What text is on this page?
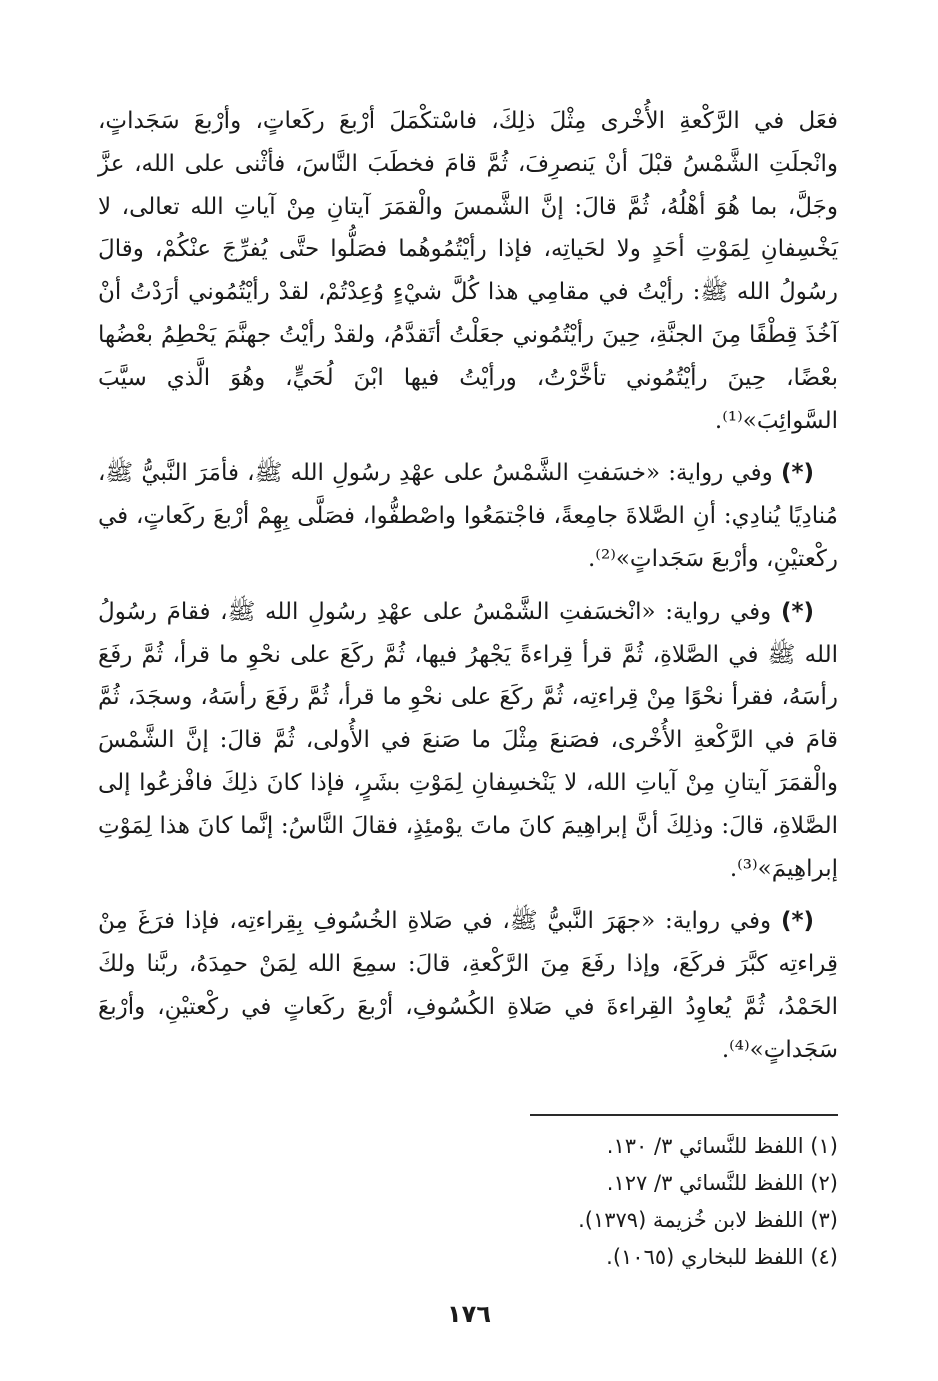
فعَل في الرَّكْعةِ الأُخْرى مِثْلَ ذلِكَ، فاسْتكْمَلَ أرْبعَ ركَعاتٍ، وأرْبعَ سَجَداتٍ، وانْجلَتِ الشَّمْسُ قبْلَ أنْ يَنصرِفَ، ثُمَّ قامَ فخطَبَ النَّاسَ، فأثْنى على الله، عزَّ وجَلَّ، بما هُوَ أهْلُهُ، ثُمَّ قالَ: إنَّ الشَّمسَ والْقمَرَ آيتانِ مِنْ آياتِ الله تعالى، لا يَخْسِفانِ لِمَوْتِ أحَدٍ ولا لحَياتِه، فإذا رأيْتُمُوهُما فصَلُّوا حتَّى يُفرِّجَ عنْكُمْ، وقالَ رسُولُ الله ﷺ: رأيْتُ في مقامِي هذا كُلَّ شيْءٍ وُعِدْتُمْ، لقدْ رأيْتُمُوني أرَدْتُ أنْ آخُذَ قِطْفًا مِنَ الجنَّةِ، حِينَ رأيْتُمُوني جعَلْتُ أتَقدَّمُ، ولقدْ رأيْتُ جهنَّمَ يَحْطِمُ بعْضُها بعْضًا، حِينَ رأيْتُمُوني تأخَّرْتُ، ورأيْتُ فيها ابْنَ لُحَيٍّ، وهُوَ الَّذي سيَّبَ السَّوائِبَ»⁽¹⁾.

(*) وفي رواية: «خسَفتِ الشَّمْسُ على عهْدِ رسُولِ الله ﷺ، فأمَرَ النَّبيُّ ﷺ، مُنادِيًا يُنادِي: أنِ الصَّلاةَ جامِعةً، فاجْتمَعُوا واصْطفُّوا، فصَلَّى بِهِمْ أرْبعَ ركَعاتٍ، في ركْعتيْنِ، وأرْبعَ سَجَداتٍ»⁽²⁾.

(*) وفي رواية: «انْخسَفتِ الشَّمْسُ على عهْدِ رسُولِ الله ﷺ، فقامَ رسُولُ الله ﷺ في الصَّلاةِ، ثُمَّ قرأ قِراءةً يَجْهرُ فيها، ثُمَّ ركَعَ على نحْوِ ما قرأ، ثُمَّ رفَعَ رأسَهُ، فقرأ نحْوًا مِنْ قِراءتِه، ثُمَّ ركَعَ على نحْوِ ما قرأ، ثُمَّ رفَعَ رأسَهُ، وسجَدَ، ثُمَّ قامَ في الرَّكْعةِ الأُخْرى، فصَنعَ مِثْلَ ما صَنعَ في الأُولى، ثُمَّ قالَ: إنَّ الشَّمْسَ والْقمَرَ آيتانِ مِنْ آياتِ الله، لا يَنْخسِفانِ لِمَوْتِ بشَرٍ، فإذا كانَ ذلِكَ فافْزعُوا إلى الصَّلاةِ، قالَ: وذلِكَ أنَّ إبراهِيمَ كانَ ماتَ يوْمئِذٍ، فقالَ النَّاسُ: إنَّما كانَ هذا لِمَوْتِ إبراهِيمَ»⁽³⁾.

(*) وفي رواية: «جهَرَ النَّبيُّ ﷺ، في صَلاةِ الخُسُوفِ بِقِراءتِه، فإذا فرَغَ مِنْ قِراءتِه كبَّرَ فركَعَ، وإذا رفَعَ مِنَ الرَّكْعةِ، قالَ: سمِعَ الله لِمَنْ حمِدَهُ، ربَّنا ولكَ الحَمْدُ، ثُمَّ يُعاوِدُ القِراءةَ في صَلاةِ الكُسُوفِ، أرْبعَ ركَعاتٍ في ركْعتيْنِ، وأرْبعَ سَجَداتٍ»⁽⁴⁾.

(١) اللفظ للنَّسائي ٣/ ١٣٠.
(٢) اللفظ للنَّسائي ٣/ ١٢٧.
(٣) اللفظ لابن خُزيمة (١٣٧٩).
(٤) اللفظ للبخاري (١٠٦٥).
١٧٦
